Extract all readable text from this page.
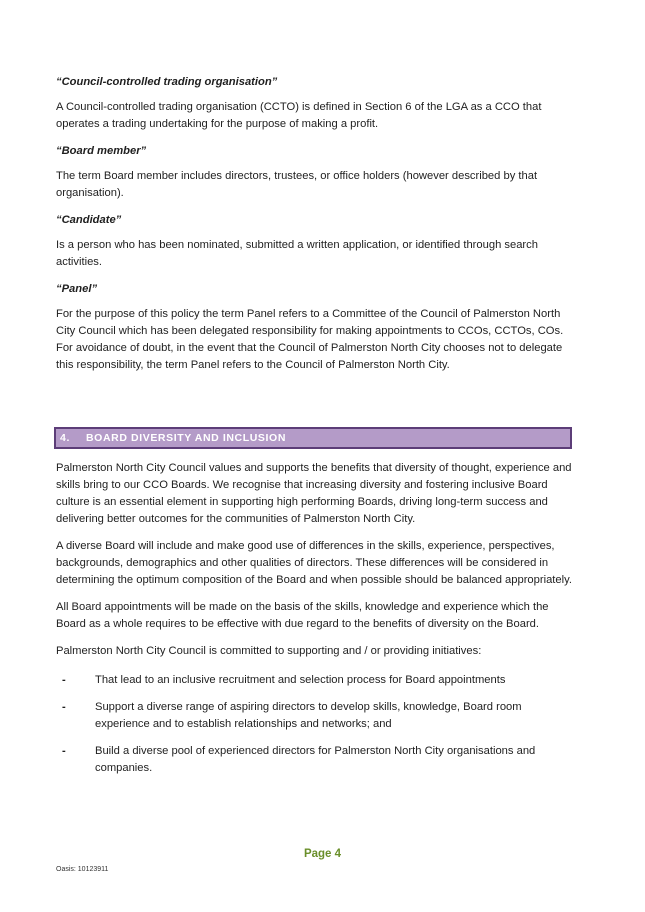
“Council-controlled trading organisation”

A Council-controlled trading organisation (CCTO) is defined in Section 6 of the LGA as a CCO that operates a trading undertaking for the purpose of making a profit.

“Board member”

The term Board member includes directors, trustees, or office holders (however described by that organisation).

“Candidate”

Is a person who has been nominated, submitted a written application, or identified through search activities.

“Panel”

For the purpose of this policy the term Panel refers to a Committee of the Council of Palmerston North City Council which has been delegated responsibility for making appointments to CCOs, CCTOs, COs. For avoidance of doubt, in the event that the Council of Palmerston North City chooses not to delegate this responsibility, the term Panel refers to the Council of Palmerston North City.

4.	BOARD DIVERSITY AND INCLUSION

Palmerston North City Council values and supports the benefits that diversity of thought, experience and skills bring to our CCO Boards. We recognise that increasing diversity and fostering inclusive Board culture is an essential element in supporting high performing Boards, driving long-term success and delivering better outcomes for the communities of Palmerston North City.

A diverse Board will include and make good use of differences in the skills, experience, perspectives, backgrounds, demographics and other qualities of directors. These differences will be considered in determining the optimum composition of the Board and when possible should be balanced appropriately.

All Board appointments will be made on the basis of the skills, knowledge and experience which the Board as a whole requires to be effective with due regard to the benefits of diversity on the Board.

Palmerston North City Council is committed to supporting and / or providing initiatives:

-	That lead to an inclusive recruitment and selection process for Board appointments
-	Support a diverse range of aspiring directors to develop skills, knowledge, Board room experience and to establish relationships and networks; and
-	Build a diverse pool of experienced directors for Palmerston North City organisations and companies.
Page 4
Oasis: 10123911
